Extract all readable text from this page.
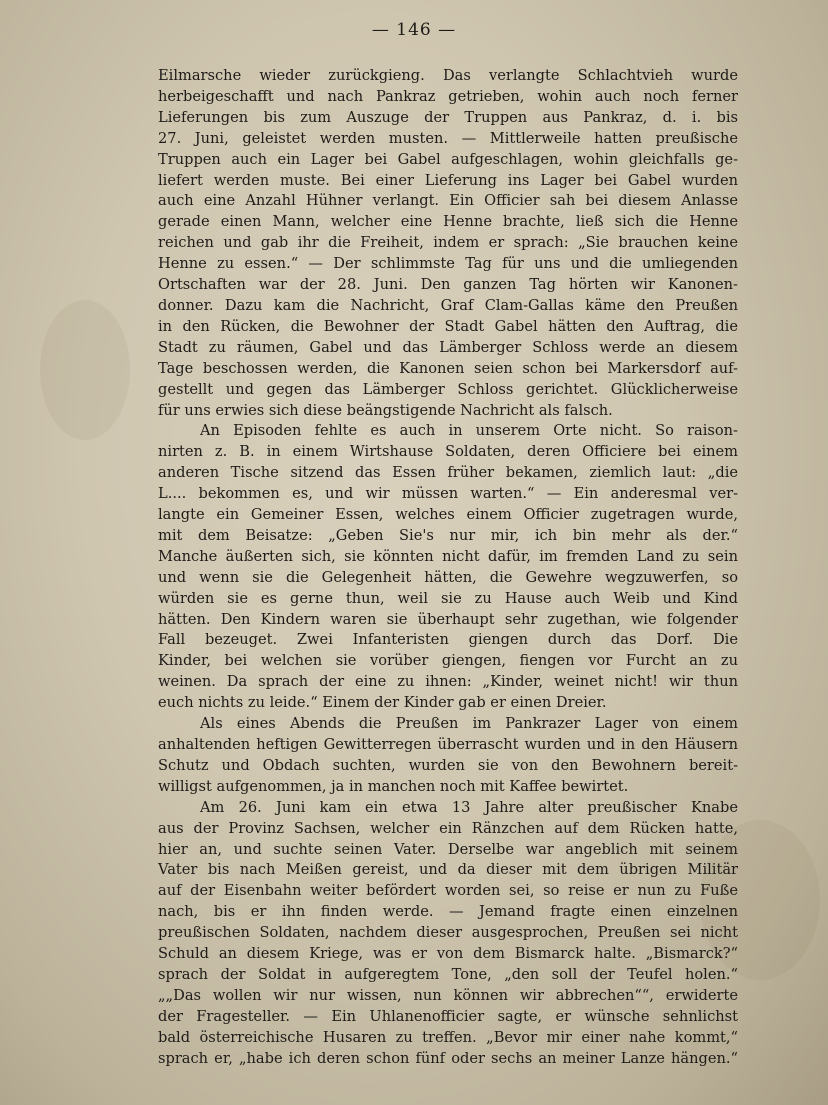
— 146 —
Eilmarsche wieder zurückgieng. Das verlangte Schlachtvieh wurde
herbeigeschafft und nach Pankraz getrieben, wohin auch noch ferner
Lieferungen bis zum Auszuge der Truppen aus Pankraz, d. i. bis
27. Juni, geleistet werden musten. — Mittlerweile hatten preußische
Truppen auch ein Lager bei Gabel aufgeschlagen, wohin gleichfalls ge-
liefert werden muste. Bei einer Lieferung ins Lager bei Gabel wurden
auch eine Anzahl Hühner verlangt. Ein Officier sah bei diesem Anlasse
gerade einen Mann, welcher eine Henne brachte, ließ sich die Henne
reichen und gab ihr die Freiheit, indem er sprach: „Sie brauchen keine
Henne zu essen.“ — Der schlimmste Tag für uns und die umliegenden
Ortschaften war der 28. Juni. Den ganzen Tag hörten wir Kanonen-
donner. Dazu kam die Nachricht, Graf Clam-Gallas käme den Preußen
in den Rücken, die Bewohner der Stadt Gabel hätten den Auftrag, die
Stadt zu räumen, Gabel und das Lämberger Schloss werde an diesem
Tage beschossen werden, die Kanonen seien schon bei Markersdorf auf-
gestellt und gegen das Lämberger Schloss gerichtet. Glücklicherweise
für uns erwies sich diese beängstigende Nachricht als falsch.
An Episoden fehlte es auch in unserem Orte nicht. So raison-
nirten z. B. in einem Wirtshause Soldaten, deren Officiere bei einem
anderen Tische sitzend das Essen früher bekamen, ziemlich laut: „die
L.... bekommen es, und wir müssen warten.“ — Ein anderesmal ver-
langte ein Gemeiner Essen, welches einem Officier zugetragen wurde,
mit dem Beisatze: „Geben Sie's nur mir, ich bin mehr als der.“
Manche äußerten sich, sie könnten nicht dafür, im fremden Land zu sein
und wenn sie die Gelegenheit hätten, die Gewehre wegzuwerfen, so
würden sie es gerne thun, weil sie zu Hause auch Weib und Kind
hätten. Den Kindern waren sie überhaupt sehr zugethan, wie folgender
Fall bezeuget. Zwei Infanteristen giengen durch das Dorf. Die
Kinder, bei welchen sie vorüber giengen, fiengen vor Furcht an zu
weinen. Da sprach der eine zu ihnen: „Kinder, weinet nicht! wir thun
euch nichts zu leide.“ Einem der Kinder gab er einen Dreier.
Als eines Abends die Preußen im Pankrazer Lager von einem
anhaltenden heftigen Gewitterregen überrascht wurden und in den Häusern
Schutz und Obdach suchten, wurden sie von den Bewohnern bereit-
willigst aufgenommen, ja in manchen noch mit Kaffee bewirtet.
Am 26. Juni kam ein etwa 13 Jahre alter preußischer Knabe
aus der Provinz Sachsen, welcher ein Ränzchen auf dem Rücken hatte,
hier an, und suchte seinen Vater. Derselbe war angeblich mit seinem
Vater bis nach Meißen gereist, und da dieser mit dem übrigen Militär
auf der Eisenbahn weiter befördert worden sei, so reise er nun zu Fuße
nach, bis er ihn finden werde. — Jemand fragte einen einzelnen
preußischen Soldaten, nachdem dieser ausgesprochen, Preußen sei nicht
Schuld an diesem Kriege, was er von dem Bismarck halte. „Bismarck?“
sprach der Soldat in aufgeregtem Tone, „den soll der Teufel holen.“
„„Das wollen wir nur wissen, nun können wir abbrechen““, erwiderte
der Fragesteller. — Ein Uhlanenofficier sagte, er wünsche sehnlichst
bald österreichische Husaren zu treffen. „Bevor mir einer nahe kommt,“
sprach er, „habe ich deren schon fünf oder sechs an meiner Lanze hängen.“
